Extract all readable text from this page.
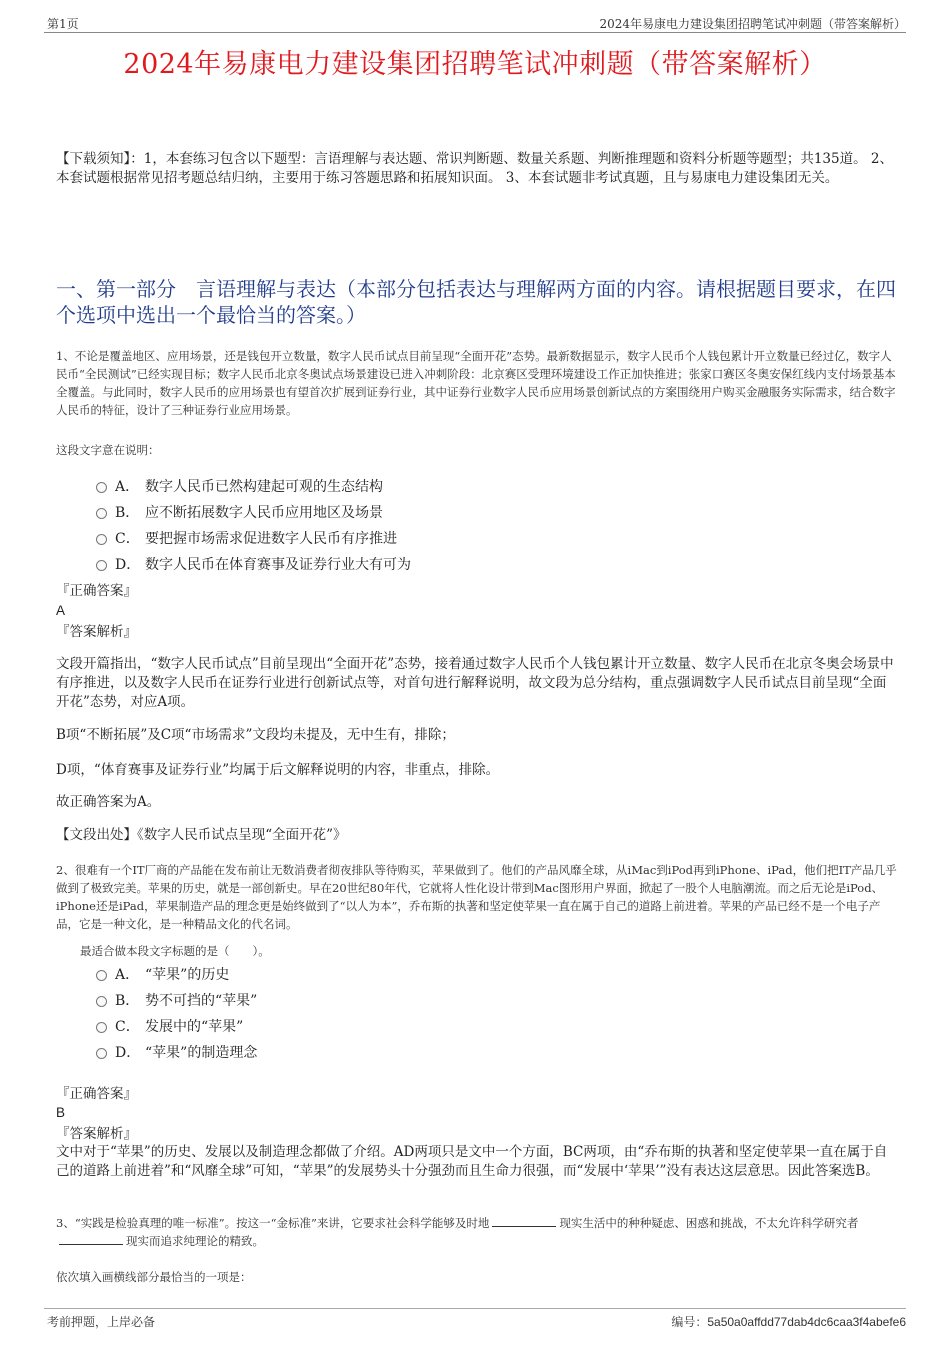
第1页	2024年易康电力建设集团招聘笔试冲刺题（带答案解析）
2024年易康电力建设集团招聘笔试冲刺题（带答案解析）
【下载须知】：1，本套练习包含以下题型：言语理解与表达题、常识判断题、数量关系题、判断推理题和资料分析题等题型；共135道。 2、本套试题根据常见招考题总结归纳，主要用于练习答题思路和拓展知识面。 3、本套试题非考试真题，且与易康电力建设集团无关。
一、第一部分　言语理解与表达（本部分包括表达与理解两方面的内容。请根据题目要求，在四个选项中选出一个最恰当的答案。）
1、不论是覆盖地区、应用场景，还是钱包开立数量，数字人民币试点目前呈现“全面开花”态势。最新数据显示，数字人民币个人钱包累计开立数量已经过亿，数字人民币“全民测试”已经实现目标；数字人民币北京冬奥试点场景建设已进入冲刺阶段：北京赛区受理环境建设工作正加快推进；张家口赛区冬奥安保红线内支付场景基本全覆盖。与此同时，数字人民币的应用场景也有望首次扩展到证券行业，其中证券行业数字人民币应用场景创新试点的方案围绕用户购买金融服务实际需求，结合数字人民币的特征，设计了三种证券行业应用场景。
这段文字意在说明：
A． 数字人民币已然构建起可观的生态结构
B． 应不断拓展数字人民币应用地区及场景
C． 要把握市场需求促进数字人民币有序推进
D． 数字人民币在体育赛事及证券行业大有可为
『正确答案』
A
『答案解析』
文段开篇指出，“数字人民币试点”目前呈现出“全面开花”态势，接着通过数字人民币个人钱包累计开立数量、数字人民币在北京冬奥会场景中有序推进，以及数字人民币在证券行业进行创新试点等，对首句进行解释说明，故文段为总分结构，重点强调数字人民币试点目前呈现“全面开花”态势，对应A项。
B项“不断拓展”及C项“市场需求”文段均未提及，无中生有，排除；
D项，“体育赛事及证券行业”均属于后文解释说明的内容，非重点，排除。
故正确答案为A。
【文段出处】《数字人民币试点呈现“全面开花”》
2、很难有一个IT厂商的产品能在发布前让无数消费者彻夜排队等待购买，苹果做到了。他们的产品风靡全球，从iMac到iPod再到iPhone、iPad，他们把IT产品几乎做到了极致完美。苹果的历史，就是一部创新史。早在20世纪80年代，它就将人性化设计带到Mac图形用户界面，掀起了一股个人电脑潮流。而之后无论是iPod、iPhone还是iPad，苹果制造产品的理念更是始终做到了“以人为本”，乔布斯的执著和坚定使苹果一直在属于自己的道路上前进着。苹果的产品已经不是一个电子产品，它是一种文化，是一种精品文化的代名词。
最适合做本段文字标题的是（　　）。
A． “苹果”的历史
B． 势不可挡的“苹果”
C． 发展中的“苹果”
D． “苹果”的制造理念
『正确答案』
B
『答案解析』
文中对于“苹果”的历史、发展以及制造理念都做了介绍。AD两项只是文中一个方面，BC两项，由“乔布斯的执著和坚定使苹果一直在属于自己的道路上前进着”和“风靡全球”可知，“苹果”的发展势头十分强劲而且生命力很强，而“发展中‘苹果’”没有表达这层意思。因此答案选B。
3、“实践是检验真理的唯一标准”。按这一“金标准”来讲，它要求社会科学能够及时地	现实生活中的种种疑虑、困惑和挑战，不太允许科学研究者现实而追求纯理论的精致。
依次填入画横线部分最恰当的一项是：
考前押题，上岸必备	编号：5a50a0affdd77dab4dc6caa3f4abefe6
